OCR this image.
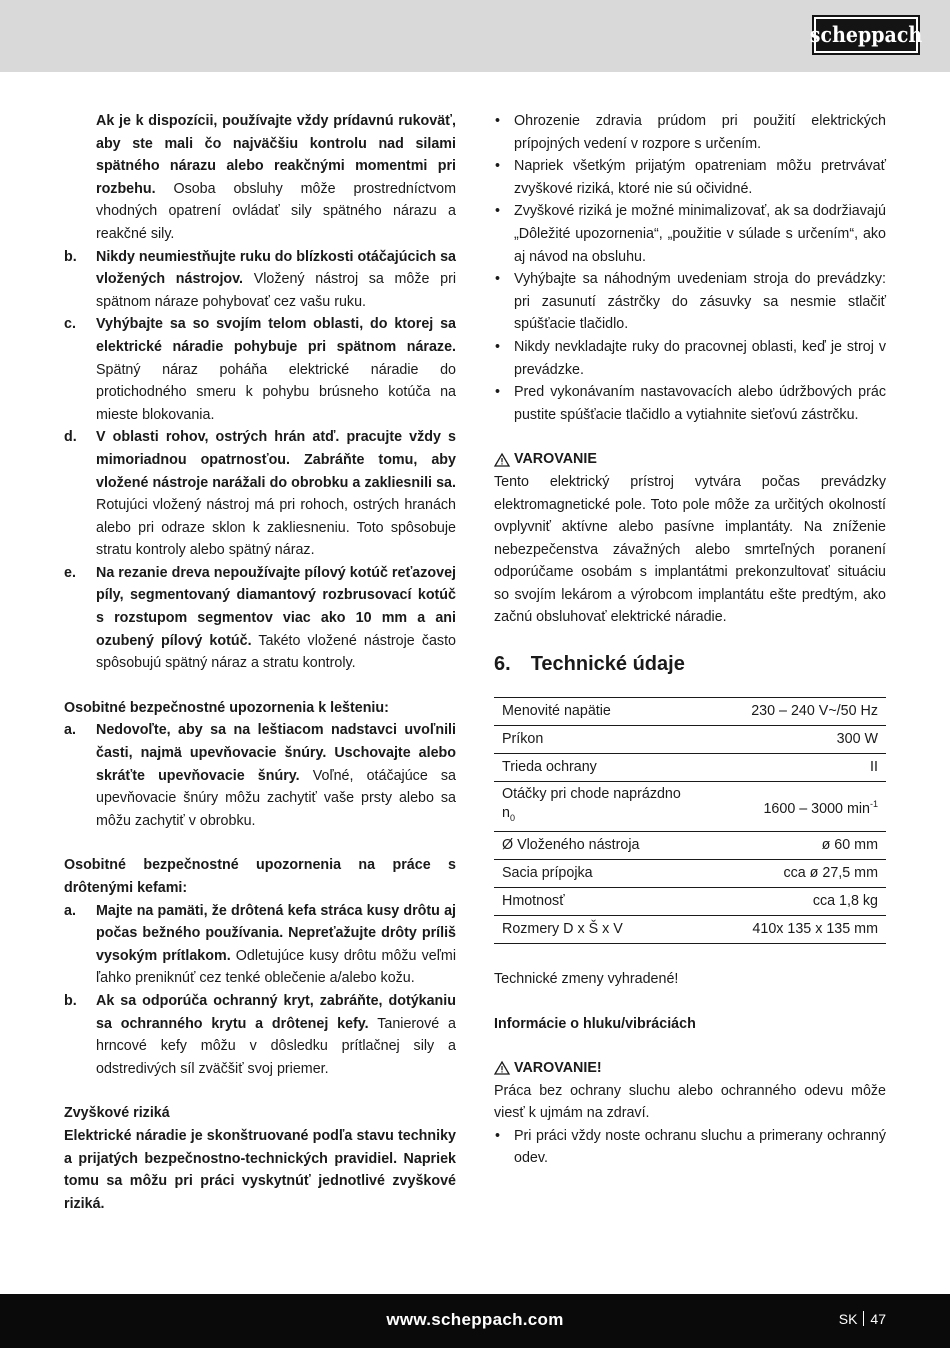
scheppach

Ak je k dispozícii, používajte vždy prídavnú rukoväť, aby ste mali čo najväčšiu kontrolu nad silami spätného nárazu alebo reakčnými momentmi pri rozbehu. Osoba obsluhy môže prostredníctvom vhodných opatrení ovládať sily spätného nárazu a reakčné sily.

b. Nikdy neumiestňujte ruku do blízkosti otáčajúcich sa vložených nástrojov. Vložený nástroj sa môže pri spätnom náraze pohybovať cez vašu ruku.
c. Vyhýbajte sa so svojím telom oblasti, do ktorej sa elektrické náradie pohybuje pri spätnom náraze. Spätný náraz poháňa elektrické náradie do protichodného smeru k pohybu brúsneho kotúča na mieste blokovania.
d. V oblasti rohov, ostrých hrán atď. pracujte vždy s mimoriadnou opatrnosťou. Zabráňte tomu, aby vložené nástroje narážali do obrobku a zakliesnili sa. Rotujúci vložený nástroj má pri rohoch, ostrých hranách alebo pri odraze sklon k zakliesneniu. Toto spôsobuje stratu kontroly alebo spätný náraz.
e. Na rezanie dreva nepoužívajte pílový kotúč reťazovej píly, segmentovaný diamantový rozbrusovací kotúč s rozstupom segmentov viac ako 10 mm a ani ozubený pílový kotúč. Takéto vložené nástroje často spôsobujú spätný náraz a stratu kontroly.

Osobitné bezpečnostné upozornenia k lešteniu:

a. Nedovoľte, aby sa na leštiacom nadstavci uvoľnili časti, najmä upevňovacie šnúry. Uschovajte alebo skráťte upevňovacie šnúry. Voľné, otáčajúce sa upevňovacie šnúry môžu zachytiť vaše prsty alebo sa môžu zachytiť v obrobku.

Osobitné bezpečnostné upozornenia na práce s drôtenými kefami:

a. Majte na pamäti, že drôtená kefa stráca kusy drôtu aj počas bežného používania. Nepreťažujte drôty príliš vysokým prítlakom. Odletujúce kusy drôtu môžu veľmi ľahko preniknúť cez tenké oblečenie a/alebo kožu.
b. Ak sa odporúča ochranný kryt, zabráňte, dotýkaniu sa ochranného krytu a drôtenej kefy. Tanierové a hrncové kefy môžu v dôsledku prítlačnej sily a odstredivých síl zväčšiť svoj priemer.

Zvyškové riziká

Elektrické náradie je skonštruované podľa stavu techniky a prijatých bezpečnostno-technických pravidiel. Napriek tomu sa môžu pri práci vyskytnúť jednotlivé zvyškové riziká.

• Ohrozenie zdravia prúdom pri použití elektrických prípojných vedení v rozpore s určením.
• Napriek všetkým prijatým opatreniam môžu pretrvávať zvyškové riziká, ktoré nie sú očividné.
• Zvyškové riziká je možné minimalizovať, ak sa dodržiavajú „Dôležité upozornenia“, „použitie v súlade s určením“, ako aj návod na obsluhu.
• Vyhýbajte sa náhodným uvedeniam stroja do prevádzky: pri zasunutí zástrčky do zásuvky sa nesmie stlačiť spúšťacie tlačidlo.
• Nikdy nevkladajte ruky do pracovnej oblasti, keď je stroj v prevádzke.
• Pred vykonávaním nastavovacích alebo údržbových prác pustite spúšťacie tlačidlo a vytiahnite sieťovú zástrčku.
VAROVANIE

Tento elektrický prístroj vytvára počas prevádzky elektromagnetické pole. Toto pole môže za určitých okolností ovplyvniť aktívne alebo pasívne implantáty. Na zníženie nebezpečenstva závažných alebo smrteľných poranení odporúčame osobám s implantátmi prekonzultovať situáciu so svojím lekárom a výrobcom implantátu ešte predtým, ako začnú obsluhovať elektrické náradie.

6. Technické údaje
Menovité napätie	230 – 240 V~/50 Hz
Príkon	300 W
Trieda ochrany	II
Otáčky pri chode naprázdno $n_0$	1600 – 3000 $\min^{-1}$
Ø Vloženého nástroja	ø 60 mm
Sacia prípojka	cca ø 27,5 mm
Hmotnosť	cca 1,8 kg
Rozmery D x Š x V	410x 135 x 135 mm

Technické zmeny vyhradené!

Informácie o hluku/vibráciách

VAROVANIE!

Práca bez ochrany sluchu alebo ochranného odevu môže viesť k ujmám na zdraví.

• Pri práci vždy noste ochranu sluchu a primerany ochranný odev.
www.scheppach.com	SK 47
